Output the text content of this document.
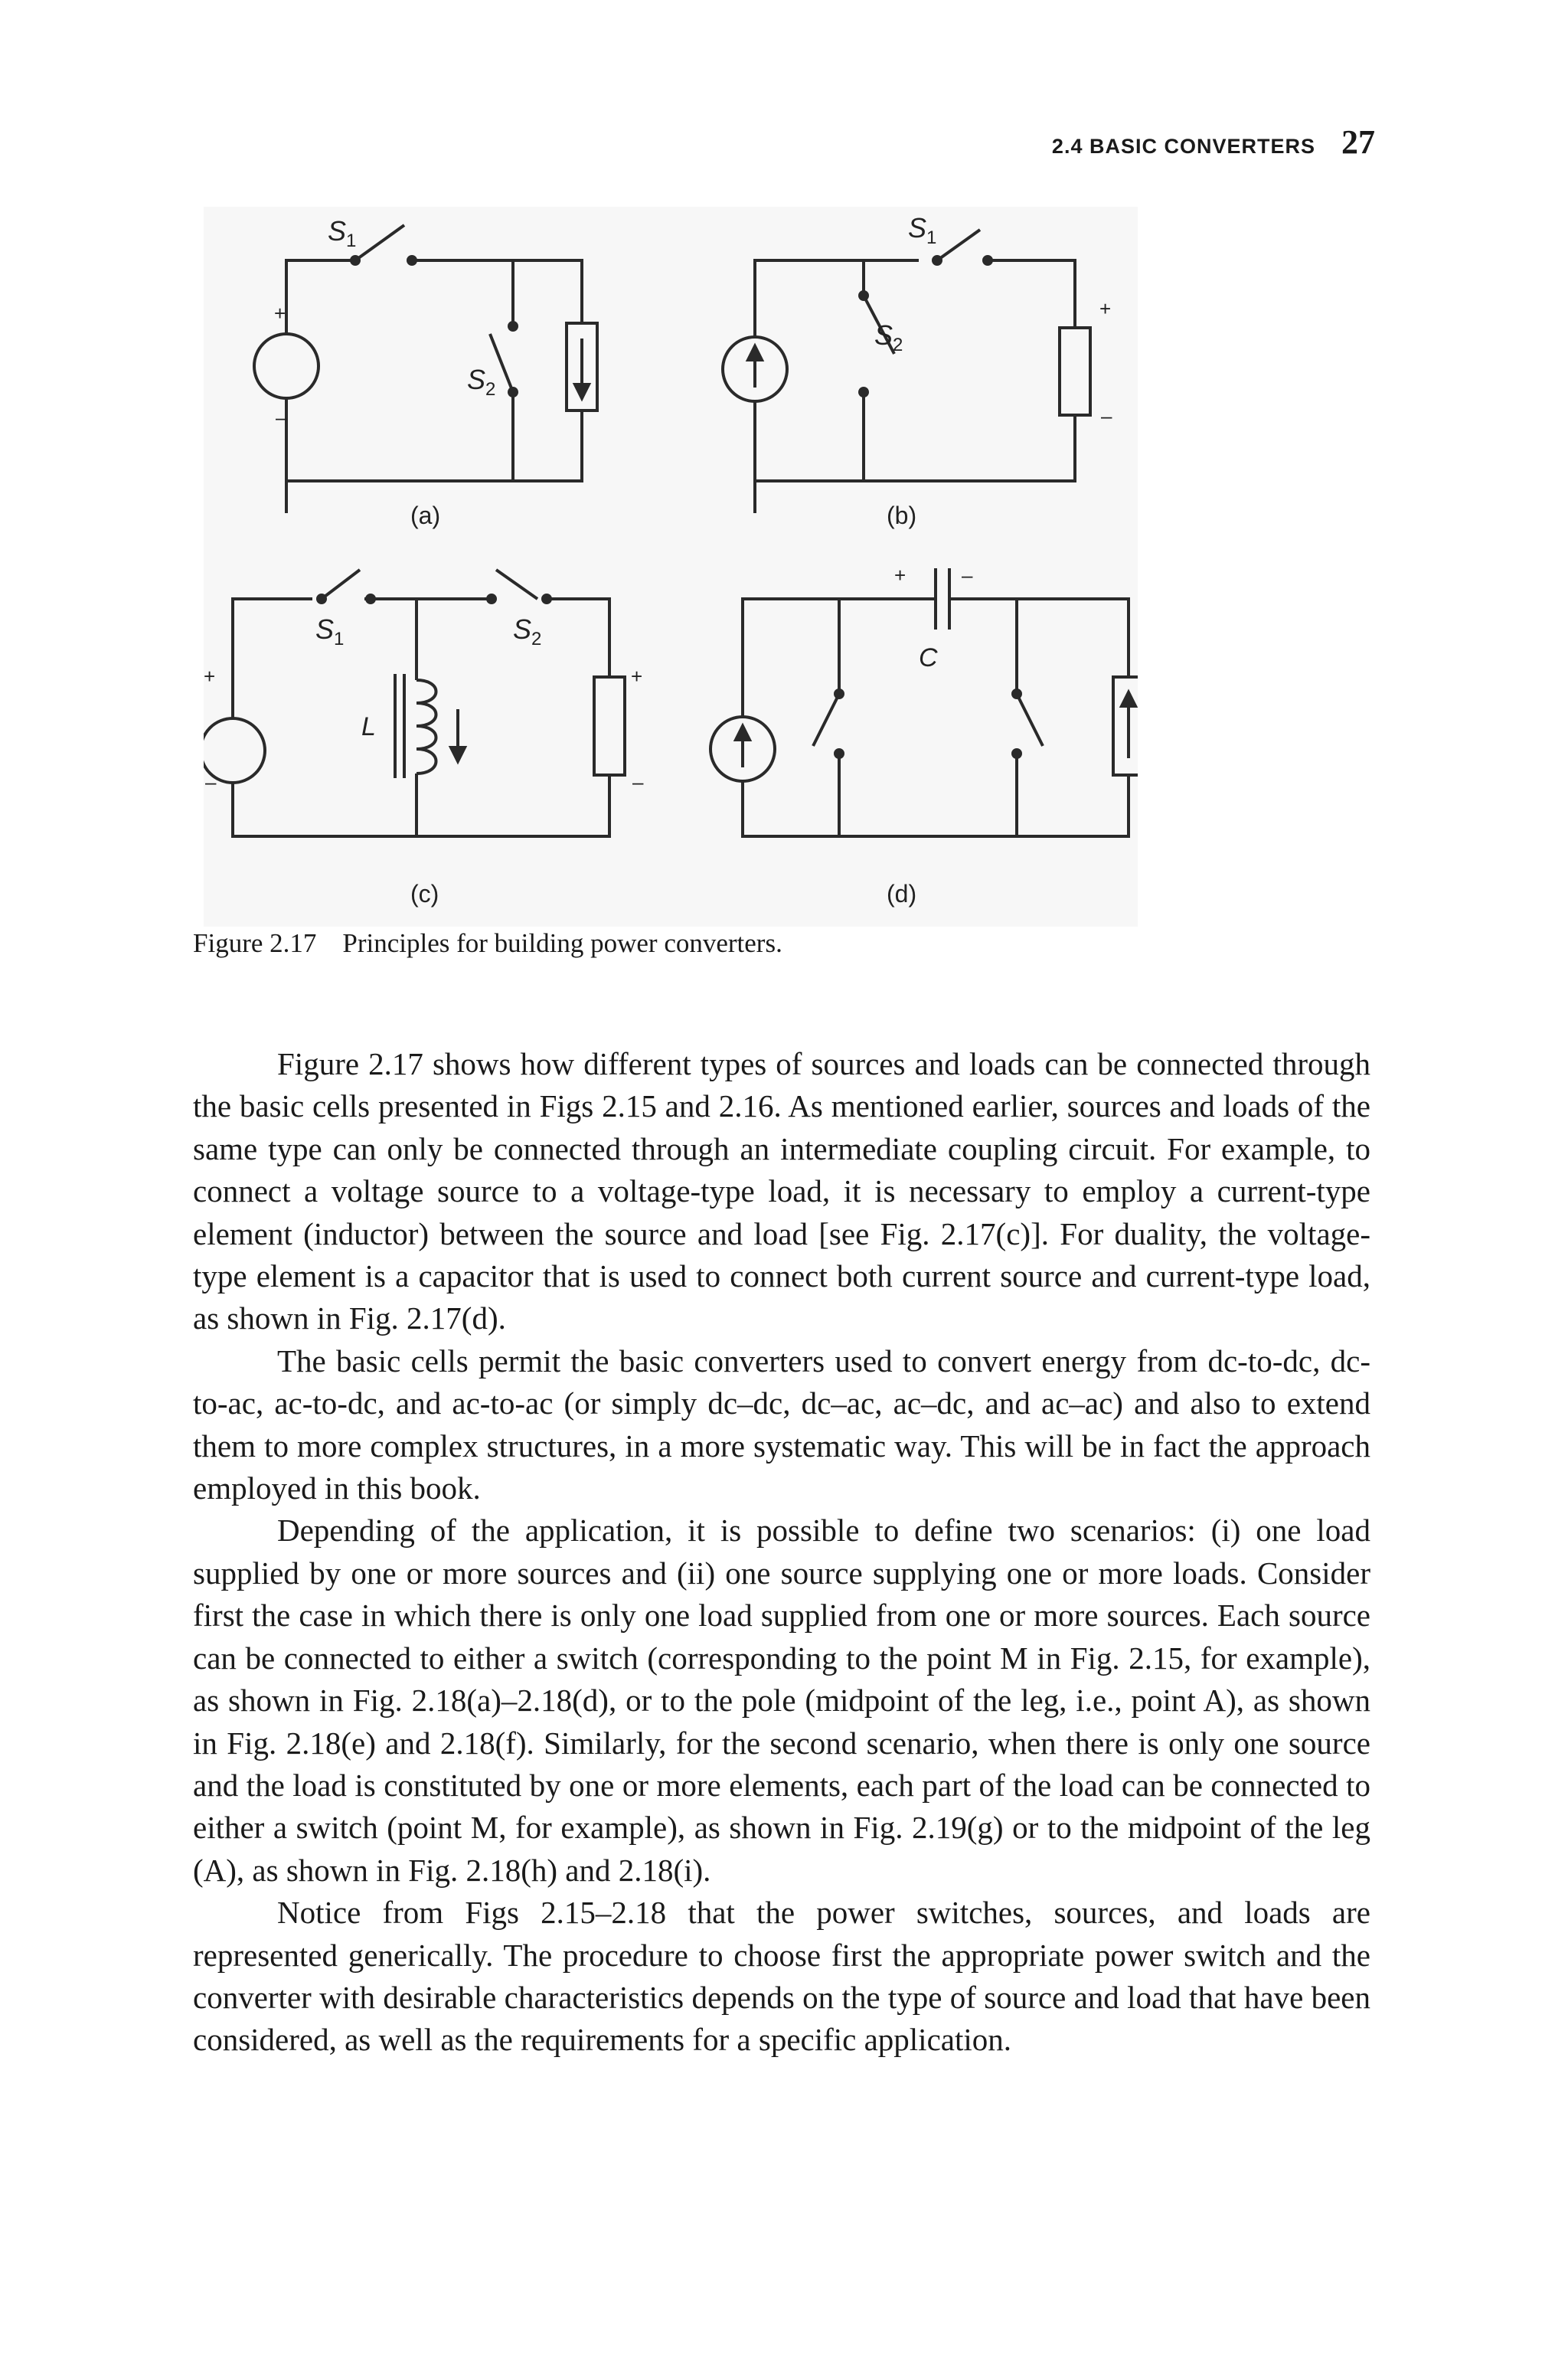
2.4 BASIC CONVERTERS 27
$S_1$
$S_2$
+
–
(a)
$S_1$
$S_2$
+
–
(b)
$S_1$	$S_2$
L
+
–
+
–
(c)
C
+	–
(d)
Figure 2.17 Principles for building power converters.

Figure 2.17 shows how different types of sources and loads can be connected through the basic cells presented in Figs 2.15 and 2.16. As mentioned earlier, sources and loads of the same type can only be connected through an intermediate coupling circuit. For example, to connect a voltage source to a voltage-type load, it is necessary to employ a current-type element (inductor) between the source and load [see Fig. 2.17(c)]. For duality, the voltage-type element is a capacitor that is used to connect both current source and current-type load, as shown in Fig. 2.17(d).

The basic cells permit the basic converters used to convert energy from dc-to-dc, dc-to-ac, ac-to-dc, and ac-to-ac (or simply dc–dc, dc–ac, ac–dc, and ac–ac) and also to extend them to more complex structures, in a more systematic way. This will be in fact the approach employed in this book.

Depending of the application, it is possible to define two scenarios: (i) one load supplied by one or more sources and (ii) one source supplying one or more loads. Consider first the case in which there is only one load supplied from one or more sources. Each source can be connected to either a switch (corresponding to the point M in Fig. 2.15, for example), as shown in Fig. 2.18(a)–2.18(d), or to the pole (midpoint of the leg, i.e., point A), as shown in Fig. 2.18(e) and 2.18(f). Similarly, for the second scenario, when there is only one source and the load is constituted by one or more elements, each part of the load can be connected to either a switch (point M, for example), as shown in Fig. 2.19(g) or to the midpoint of the leg (A), as shown in Fig. 2.18(h) and 2.18(i).

Notice from Figs 2.15–2.18 that the power switches, sources, and loads are represented generically. The procedure to choose first the appropriate power switch and the converter with desirable characteristics depends on the type of source and load that have been considered, as well as the requirements for a specific application.
